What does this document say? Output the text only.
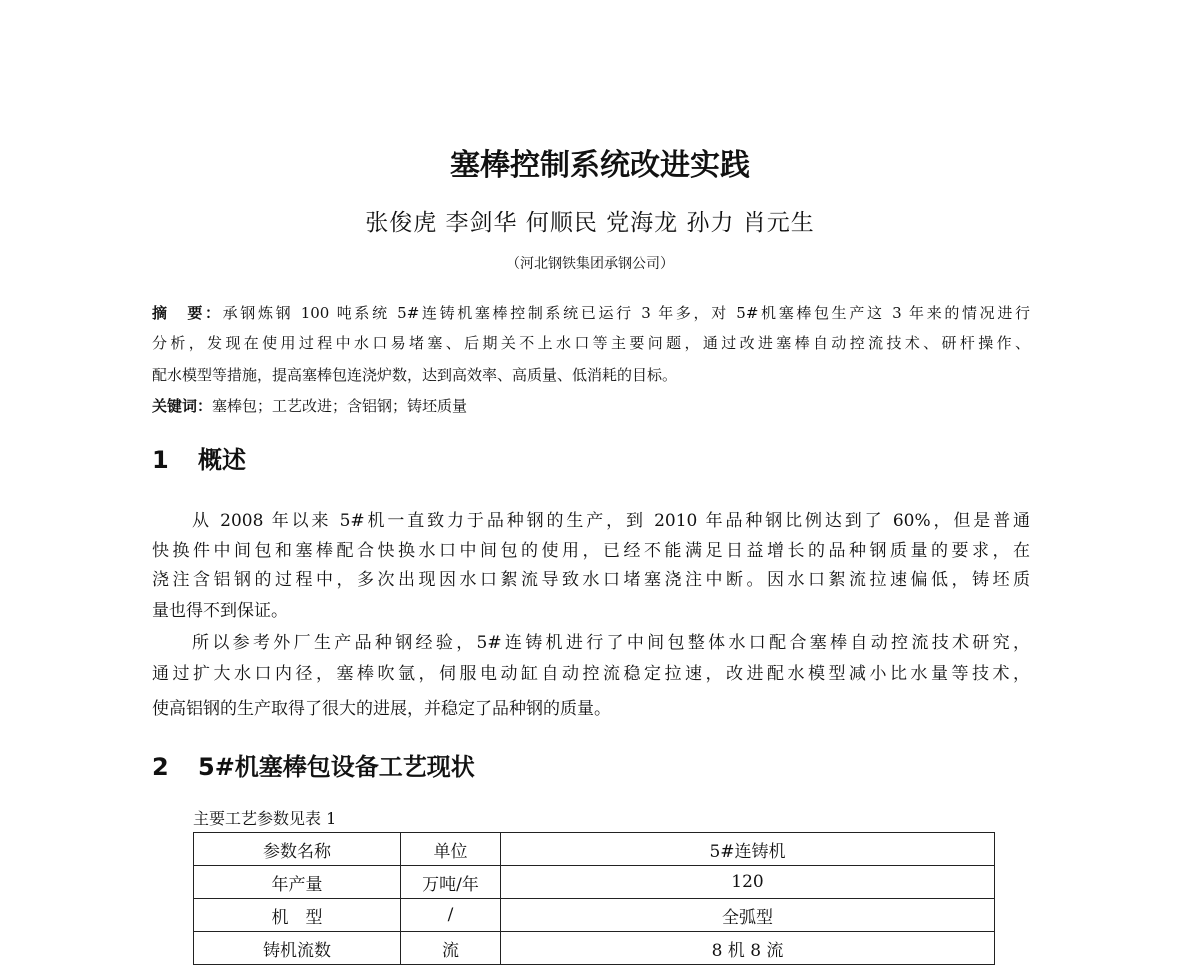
塞棒控制系统改进实践
张俊虎 李剑华 何顺民 党海龙 孙力 肖元生
（河北钢铁集团承钢公司）
摘　要：承钢炼钢 100 吨系统 5#连铸机塞棒控制系统已运行 3 年多，对 5#机塞棒包生产这 3 年来的情况进行
分析，发现在使用过程中水口易堵塞、后期关不上水口等主要问题，通过改进塞棒自动控流技术、研杆操作、
配水模型等措施，提高塞棒包连浇炉数，达到高效率、高质量、低消耗的目标。
关键词：塞棒包；工艺改进；含铝钢；铸坯质量
1 概述
从 2008 年以来 5#机一直致力于品种钢的生产，到 2010 年品种钢比例达到了 60%，但是普通
快换件中间包和塞棒配合快换水口中间包的使用，已经不能满足日益增长的品种钢质量的要求，在
浇注含铝钢的过程中，多次出现因水口絮流导致水口堵塞浇注中断。因水口絮流拉速偏低，铸坯质
量也得不到保证。
所以参考外厂生产品种钢经验，5#连铸机进行了中间包整体水口配合塞棒自动控流技术研究，
通过扩大水口内径，塞棒吹氩，伺服电动缸自动控流稳定拉速，改进配水模型减小比水量等技术，
使高铝钢的生产取得了很大的进展，并稳定了品种钢的质量。
2 5#机塞棒包设备工艺现状
主要工艺参数见表 1
参数名称	单位	5#连铸机
年产量	万吨/年	120
机　型	/	全弧型
铸机流数	流	8 机 8 流
